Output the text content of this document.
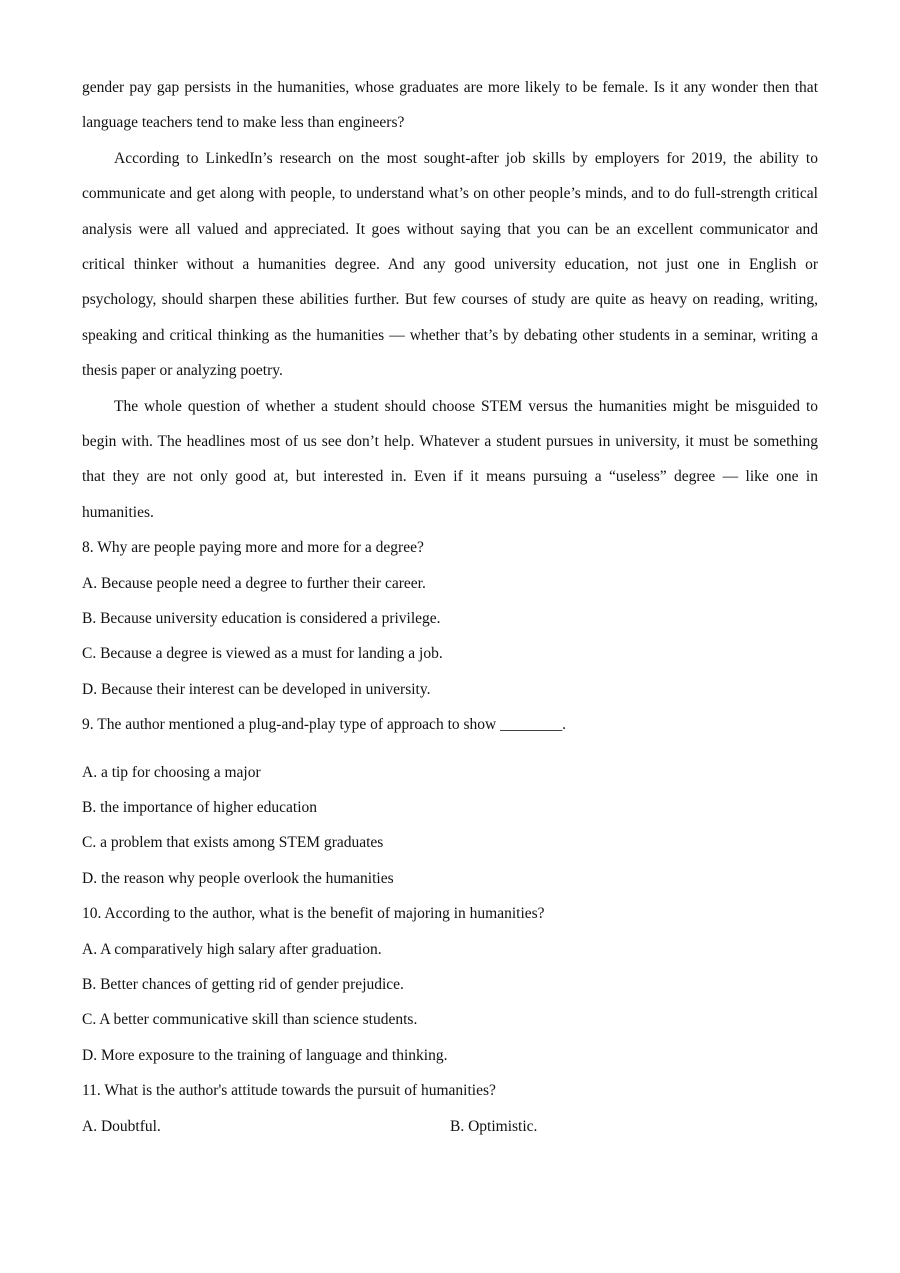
gender pay gap persists in the humanities, whose graduates are more likely to be female. Is it any wonder then that language teachers tend to make less than engineers?

According to LinkedIn’s research on the most sought-after job skills by employers for 2019, the ability to communicate and get along with people, to understand what’s on other people’s minds, and to do full-strength critical analysis were all valued and appreciated. It goes without saying that you can be an excellent communicator and critical thinker without a humanities degree. And any good university education, not just one in English or psychology, should sharpen these abilities further. But few courses of study are quite as heavy on reading, writing, speaking and critical thinking as the humanities — whether that’s by debating other students in a seminar, writing a thesis paper or analyzing poetry.

The whole question of whether a student should choose STEM versus the humanities might be misguided to begin with. The headlines most of us see don’t help. Whatever a student pursues in university, it must be something that they are not only good at, but interested in. Even if it means pursuing a “useless” degree — like one in humanities.

8. Why are people paying more and more for a degree?

A. Because people need a degree to further their career.

B. Because university education is considered a privilege.

C. Because a degree is viewed as a must for landing a job.

D. Because their interest can be developed in university.

9. The author mentioned a plug-and-play type of approach to show ________.

A. a tip for choosing a major

B. the importance of higher education

C. a problem that exists among STEM graduates

D. the reason why people overlook the humanities

10. According to the author, what is the benefit of majoring in humanities?

A. A comparatively high salary after graduation.

B. Better chances of getting rid of gender prejudice.

C. A better communicative skill than science students.

D. More exposure to the training of language and thinking.

11. What is the author's attitude towards the pursuit of humanities?

A. Doubtful.	B. Optimistic.
